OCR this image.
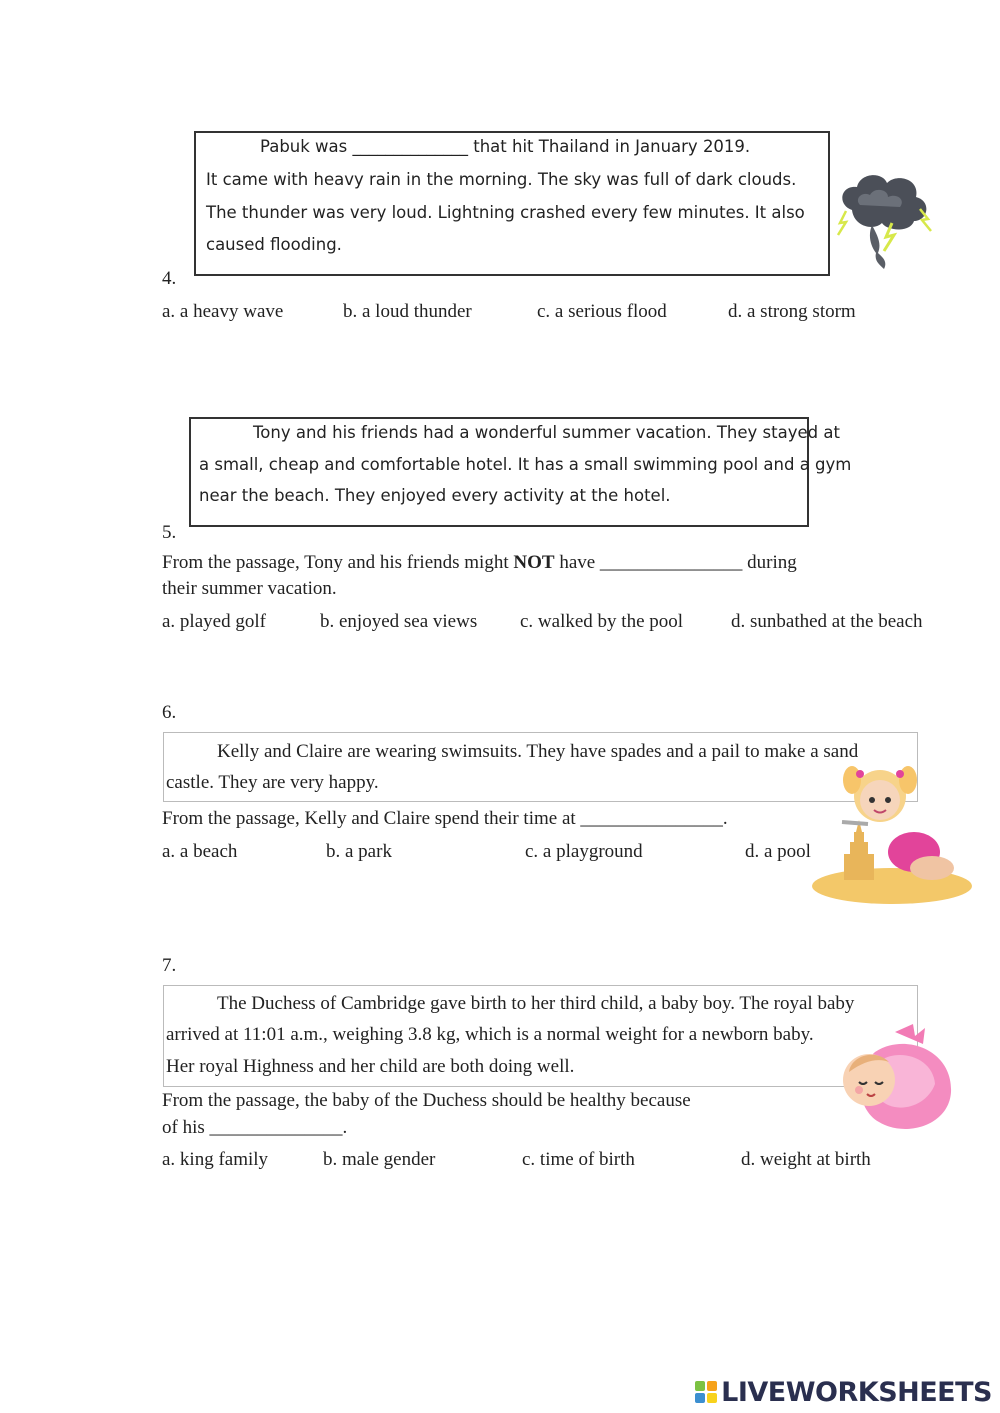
Pabuk was ______________ that hit Thailand in January 2019.

It came with heavy rain in the morning. The sky was full of dark clouds.

The thunder was very loud. Lightning crashed every few minutes. It also

caused flooding.

4.
a. a heavy wave	b. a loud thunder	c. a serious flood	d. a strong storm

Tony and his friends had a wonderful summer vacation. They stayed at

a small, cheap and comfortable hotel. It has a small swimming pool and a gym

near the beach. They enjoyed every activity at the hotel.

5.
From the passage, Tony and his friends might NOT have _______________ during
their summer vacation.
a. played golf	b. enjoyed sea views c. walked by the pool	d. sunbathed at the beach
6.
Kelly and Claire are wearing swimsuits. They have spades and a pail to make a sand
castle. They are very happy.
From the passage, Kelly and Claire spend their time at _______________.
a. a beach	b. a park	c. a playground	d. a pool
7.
The Duchess of Cambridge gave birth to her third child, a baby boy. The royal baby
arrived at 11:01 a.m., weighing 3.8 kg, which is a normal weight for a newborn baby.
Her royal Highness and her child are both doing well.
From the passage, the baby of the Duchess should be healthy because
of his ______________.
a. king family	b. male gender	c. time of birth	d. weight at birth
LIVEWORKSHEETS
